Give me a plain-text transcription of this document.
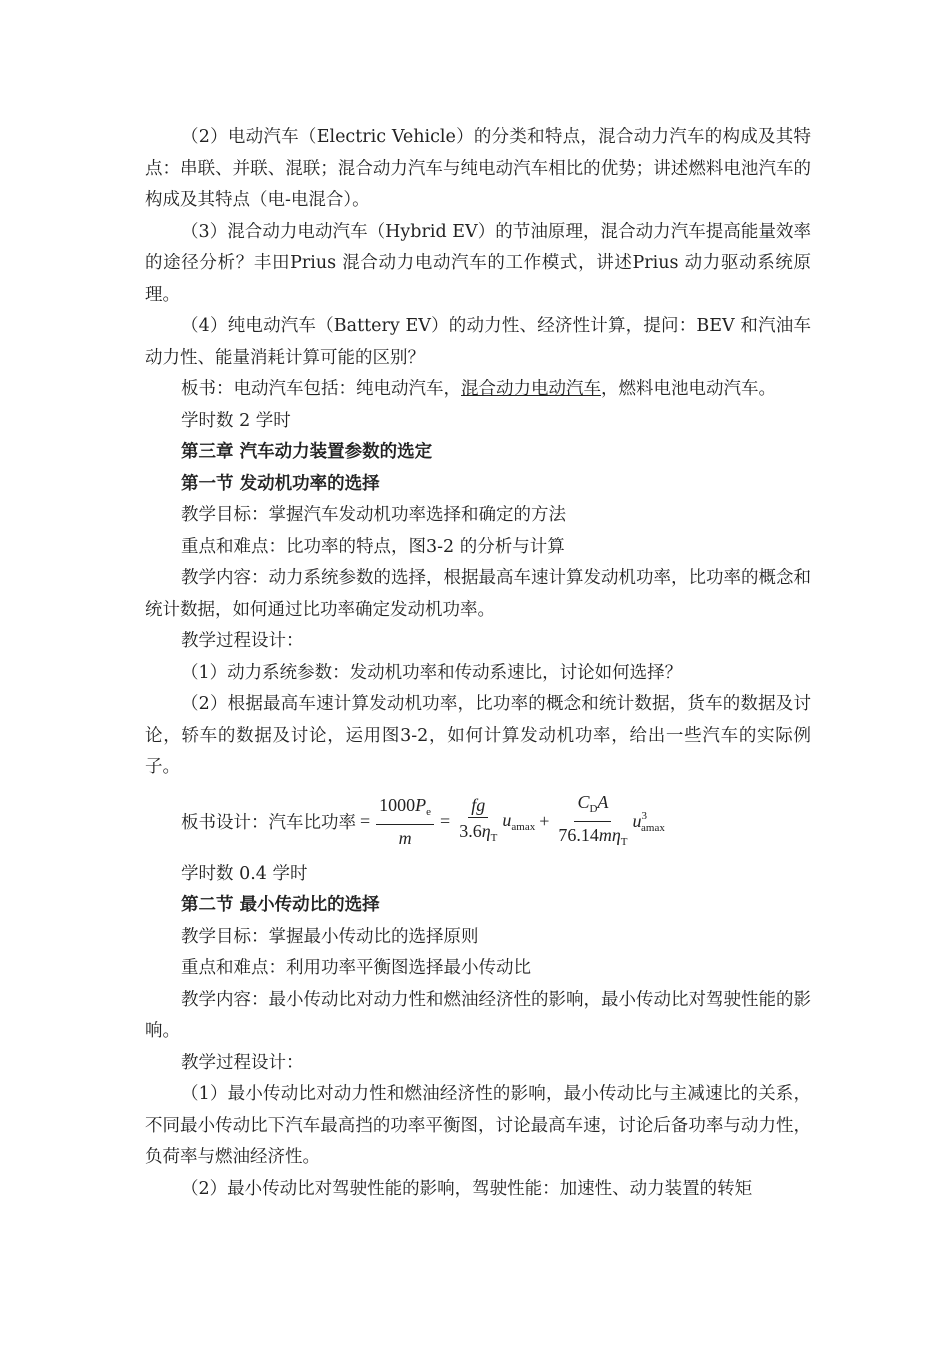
（2）电动汽车（Electric Vehicle）的分类和特点，混合动力汽车的构成及其特点：串联、并联、混联；混合动力汽车与纯电动汽车相比的优势；讲述燃料电池汽车的构成及其特点（电-电混合）。

（3）混合动力电动汽车（Hybrid EV）的节油原理，混合动力汽车提高能量效率的途径分析？丰田Prius 混合动力电动汽车的工作模式，讲述Prius 动力驱动系统原理。

（4）纯电动汽车（Battery EV）的动力性、经济性计算，提问：BEV 和汽油车动力性、能量消耗计算可能的区别？

板书：电动汽车包括：纯电动汽车，混合动力电动汽车，燃料电池电动汽车。

学时数 2 学时

第三章 汽车动力装置参数的选定

第一节 发动机功率的选择

教学目标：掌握汽车发动机功率选择和确定的方法

重点和难点：比功率的特点，图3-2 的分析与计算

教学内容：动力系统参数的选择，根据最高车速计算发动机功率，比功率的概念和统计数据，如何通过比功率确定发动机功率。

教学过程设计：

（1）动力系统参数：发动机功率和传动系速比，讨论如何选择？

（2）根据最高车速计算发动机功率，比功率的概念和统计数据，货车的数据及讨论，轿车的数据及讨论，运用图3-2，如何计算发动机功率，给出一些汽车的实际例子。

板书设计： 汽车比功率 = $\frac{1000P_e}{m} = \frac{fg}{3.6\eta_T} u_{amax} + \frac{C_DA}{76.14m\eta_T} u^3_{amax}$

学时数 0.4 学时

第二节 最小传动比的选择

教学目标：掌握最小传动比的选择原则

重点和难点：利用功率平衡图选择最小传动比

教学内容：最小传动比对动力性和燃油经济性的影响，最小传动比对驾驶性能的影响。

教学过程设计：

（1）最小传动比对动力性和燃油经济性的影响，最小传动比与主减速比的关系，不同最小传动比下汽车最高挡的功率平衡图，讨论最高车速，讨论后备功率与动力性，负荷率与燃油经济性。

（2）最小传动比对驾驶性能的影响，驾驶性能：加速性、动力装置的转矩
